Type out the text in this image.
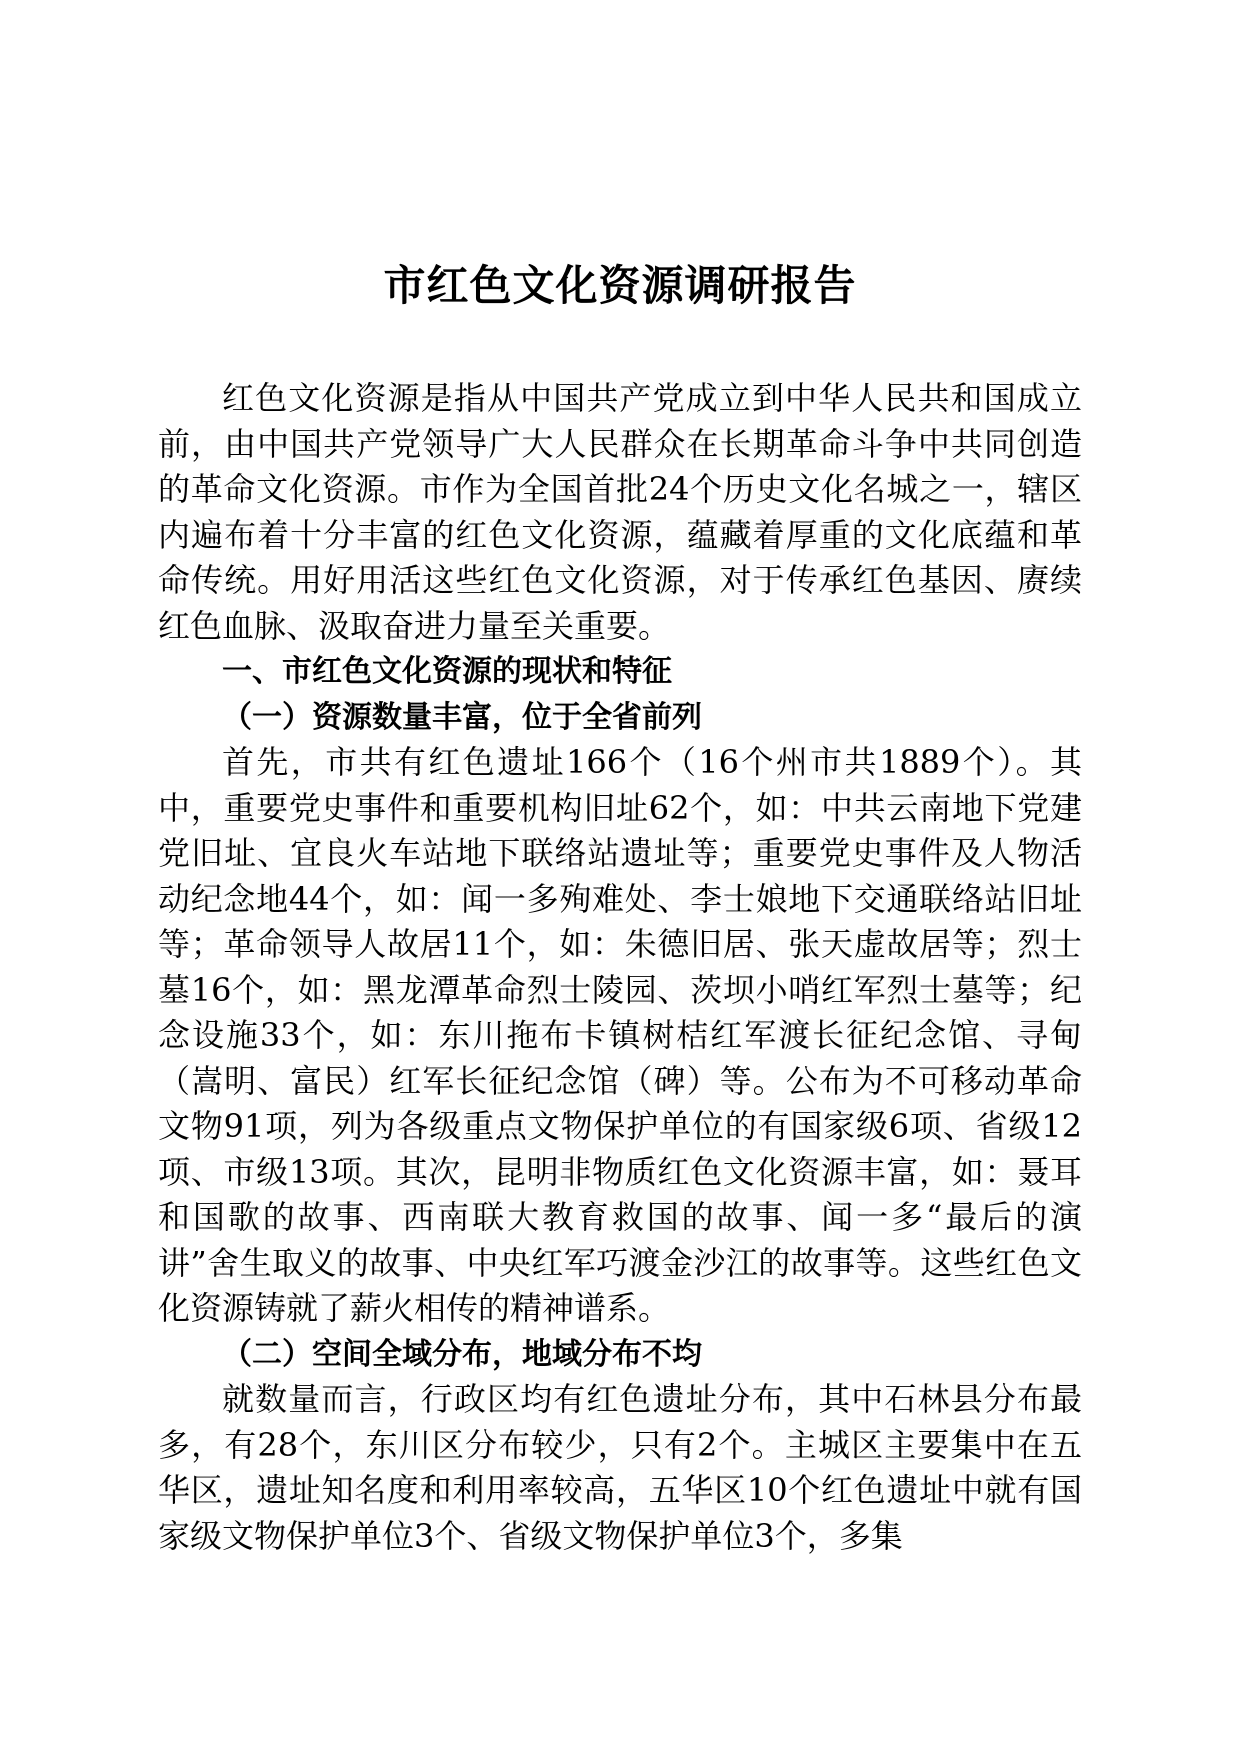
市红色文化资源调研报告

红色文化资源是指从中国共产党成立到中华人民共和国成立前，由中国共产党领导广大人民群众在长期革命斗争中共同创造的革命文化资源。市作为全国首批24个历史文化名城之一，辖区内遍布着十分丰富的红色文化资源，蕴藏着厚重的文化底蕴和革命传统。用好用活这些红色文化资源，对于传承红色基因、赓续红色血脉、汲取奋进力量至关重要。

一、市红色文化资源的现状和特征

（一）资源数量丰富，位于全省前列

首先，市共有红色遗址166个（16个州市共1889个）。其中，重要党史事件和重要机构旧址62个，如：中共云南地下党建党旧址、宜良火车站地下联络站遗址等；重要党史事件及人物活动纪念地44个，如：闻一多殉难处、李士娘地下交通联络站旧址等；革命领导人故居11个，如：朱德旧居、张天虚故居等；烈士墓16个，如：黑龙潭革命烈士陵园、茨坝小哨红军烈士墓等；纪念设施33个，如：东川拖布卡镇树桔红军渡长征纪念馆、寻甸（嵩明、富民）红军长征纪念馆（碑）等。公布为不可移动革命文物91项，列为各级重点文物保护单位的有国家级6项、省级12项、市级13项。其次，昆明非物质红色文化资源丰富，如：聂耳和国歌的故事、西南联大教育救国的故事、闻一多“最后的演讲”舍生取义的故事、中央红军巧渡金沙江的故事等。这些红色文化资源铸就了薪火相传的精神谱系。

（二）空间全域分布，地域分布不均

就数量而言，行政区均有红色遗址分布，其中石林县分布最多，有28个，东川区分布较少，只有2个。主城区主要集中在五华区，遗址知名度和利用率较高，五华区10个红色遗址中就有国家级文物保护单位3个、省级文物保护单位3个，多集
